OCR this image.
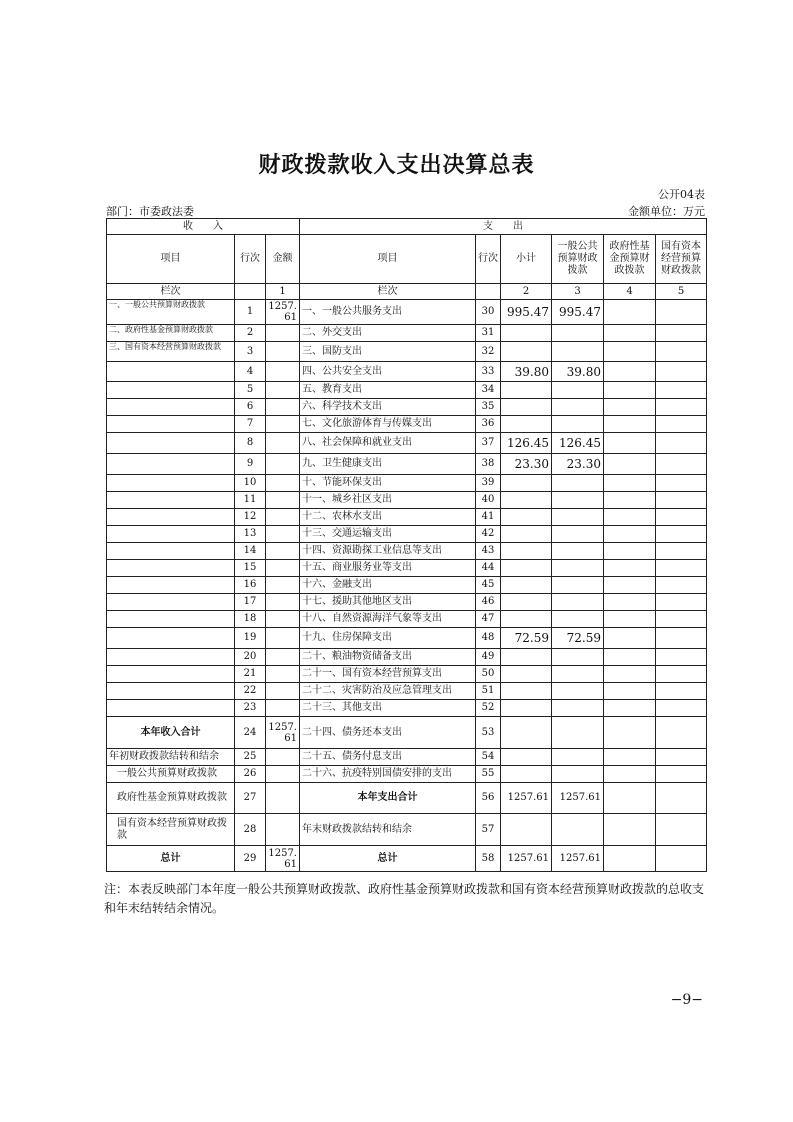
财政拨款收入支出决算总表
公开04表
部门：市委政法委	金额单位：万元
收　　入			支　　出					
项目	行次	金额	项目	行次	小计	一般公共预算财政拨款	政府性基金预算财政拨款	国有资本经营预算财政拨款
栏次		1	栏次		2	3	4	5
一、一般公共预算财政拨款	1	1257.61	一、一般公共服务支出	30	995.47	995.47		
二、政府性基金预算财政拨款	2		二、外交支出	31				
三、国有资本经营预算财政拨款	3		三、国防支出	32				
	4		四、公共安全支出	33	39.80	39.80		
	5		五、教育支出	34				
	6		六、科学技术支出	35				
	7		七、文化旅游体育与传媒支出	36				
	8		八、社会保障和就业支出	37	126.45	126.45		
	9		九、卫生健康支出	38	23.30	23.30		
	10		十、节能环保支出	39				
	11		十一、城乡社区支出	40				
	12		十二、农林水支出	41				
	13		十三、交通运输支出	42				
	14		十四、资源勘探工业信息等支出	43				
	15		十五、商业服务业等支出	44				
	16		十六、金融支出	45				
	17		十七、援助其他地区支出	46				
	18		十八、自然资源海洋气象等支出	47				
	19		十九、住房保障支出	48	72.59	72.59		
	20		二十、粮油物资储备支出	49				
	21		二十一、国有资本经营预算支出	50				
	22		二十二、灾害防治及应急管理支出	51				
	23		二十三、其他支出	52				
本年收入合计	24	1257.61	二十四、债务还本支出	53				
年初财政拨款结转和结余	25		二十五、债务付息支出	54				
一般公共预算财政拨款	26		二十六、抗疫特别国债安排的支出	55				
政府性基金预算财政拨款	27		本年支出合计	56	1257.61	1257.61		
国有资本经营预算财政拨款	28		年末财政拨款结转和结余	57				
总计	29	1257.61	总计	58	1257.61	1257.61		
注：本表反映部门本年度一般公共预算财政拨款、政府性基金预算财政拨款和国有资本经营预算财政拨款的总收支和年末结转结余情况。
−9−
